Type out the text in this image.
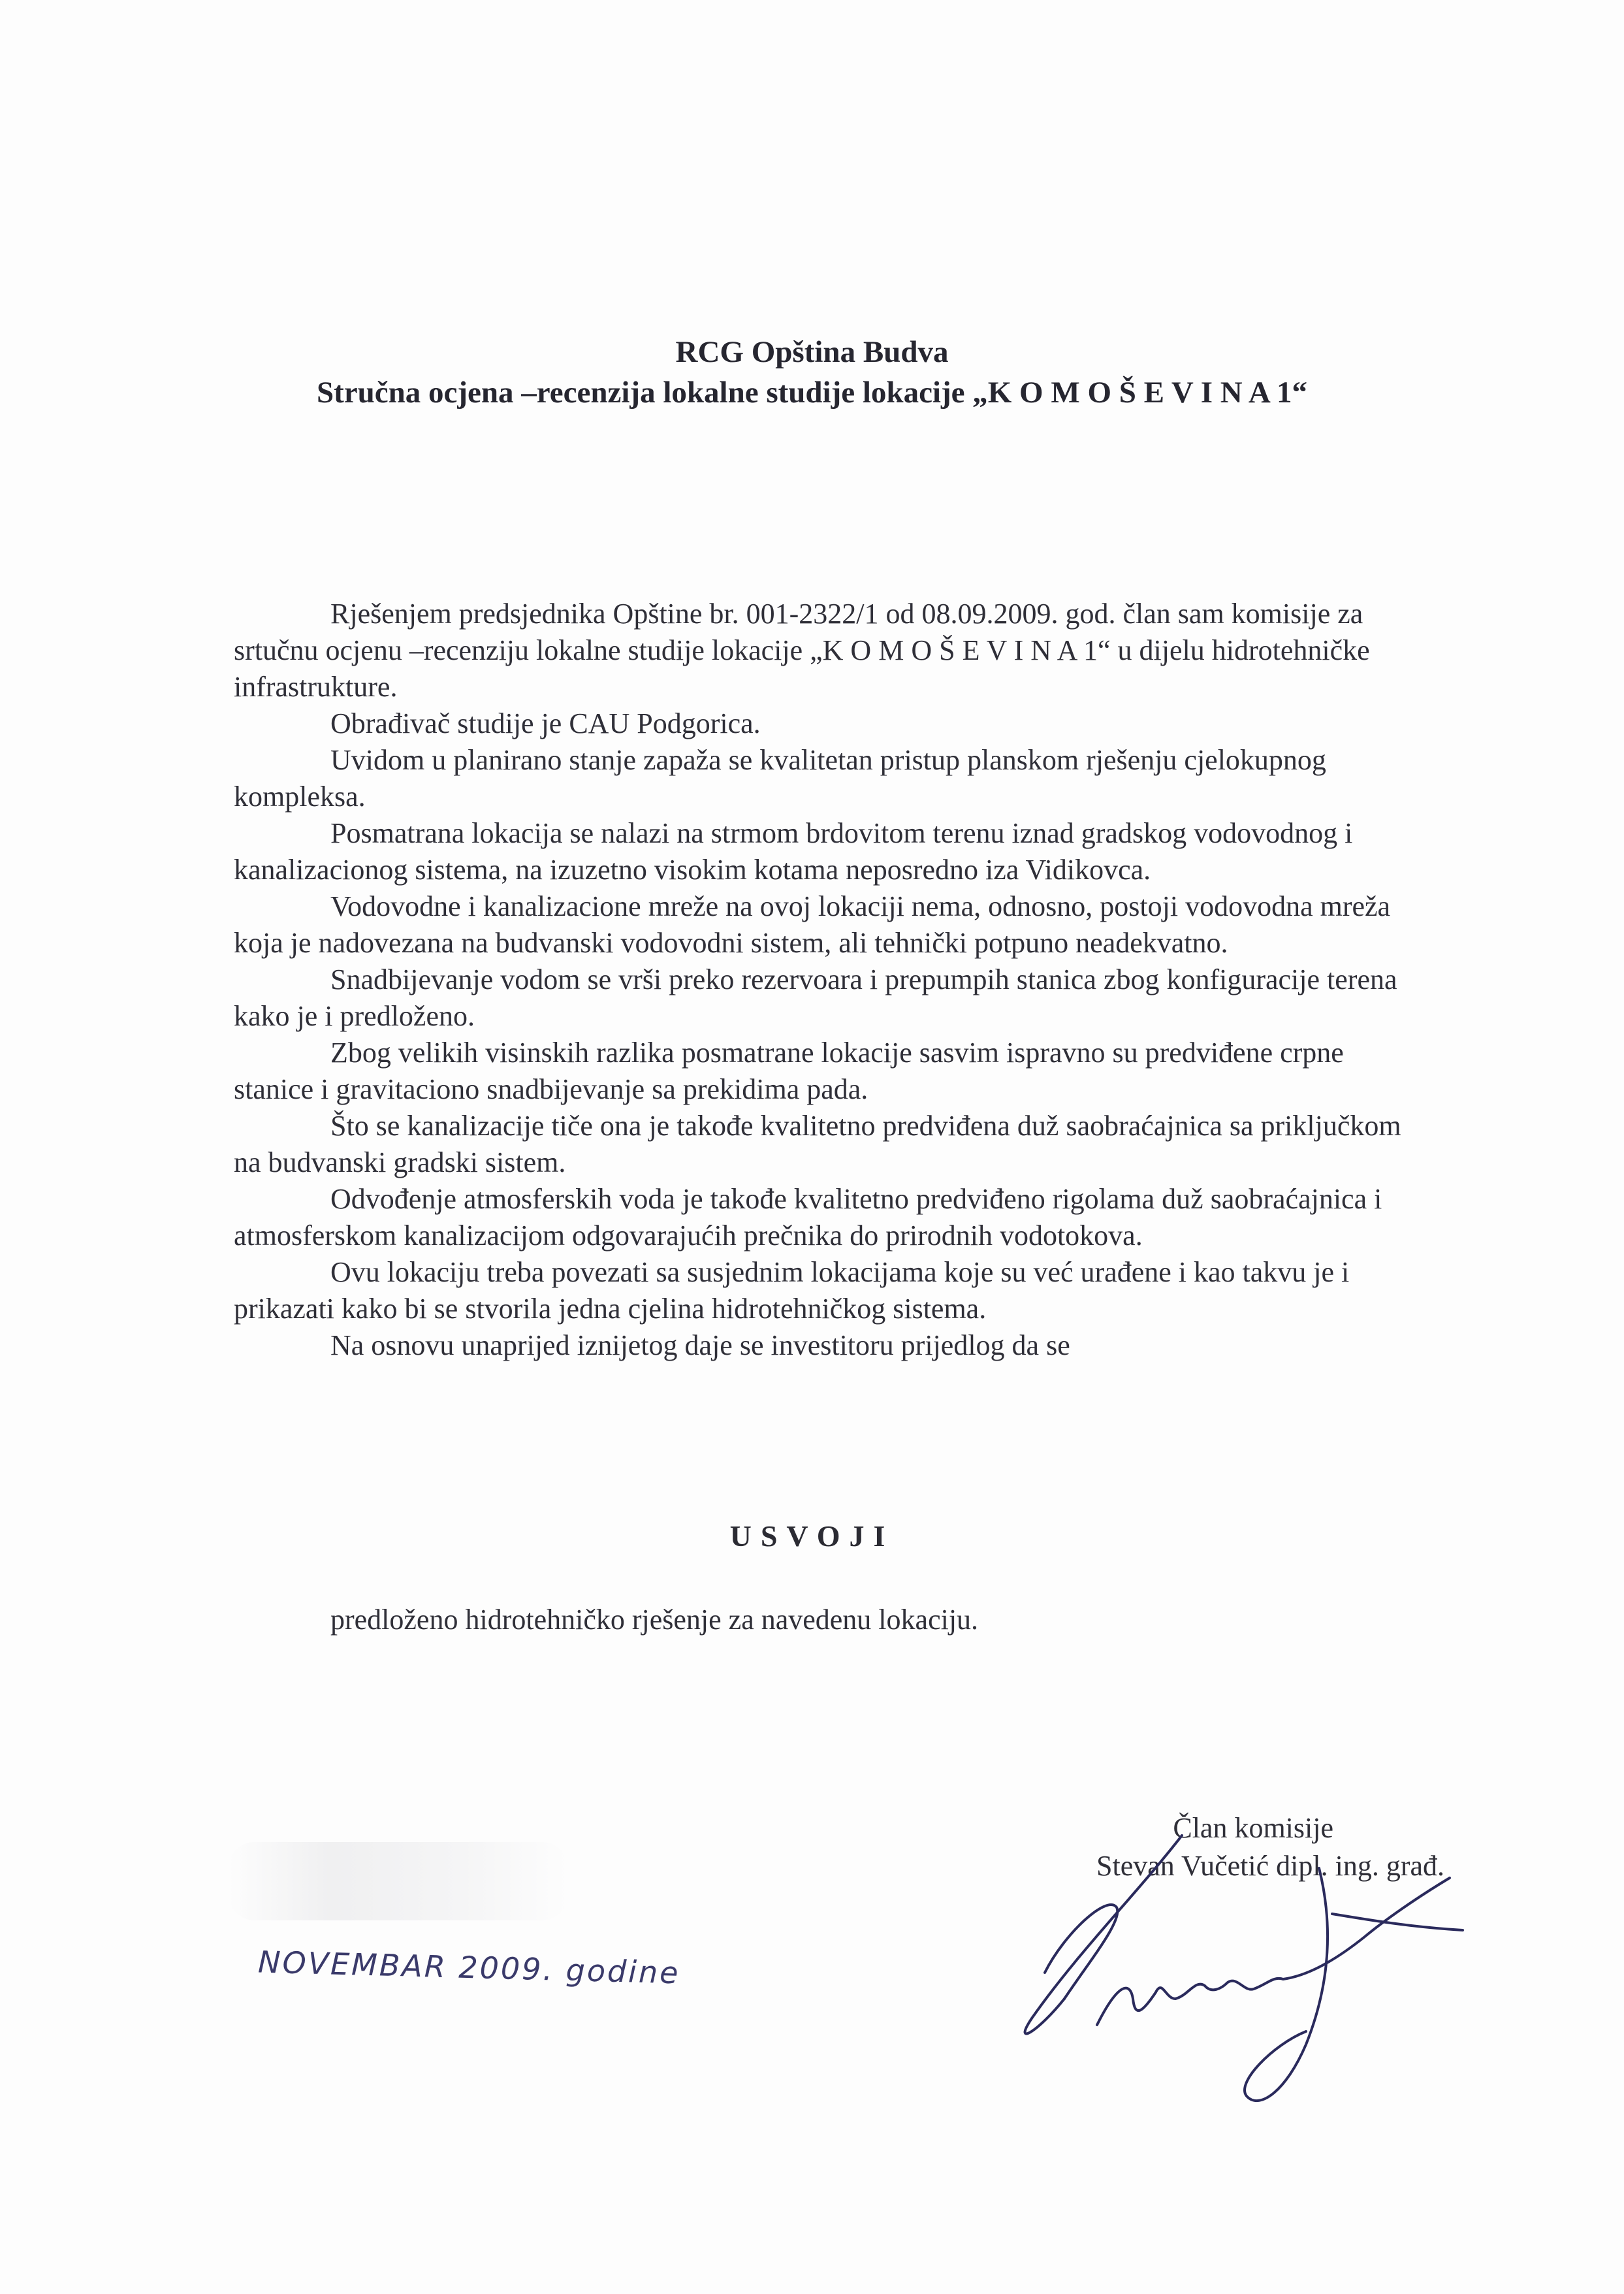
RCG Opština Budva
Stručna ocjena –recenzija lokalne studije lokacije „K O M O Š E V I N A 1“

Rješenjem predsjednika Opštine br. 001-2322/1 od 08.09.2009. god. član sam komisije za srtučnu ocjenu –recenziju lokalne studije lokacije „K O M O Š E V I N A 1“ u dijelu hidrotehničke infrastrukture.

Obrađivač studije je CAU Podgorica.

Uvidom u planirano stanje zapaža se kvalitetan pristup planskom rješenju cjelokupnog kompleksa.

Posmatrana lokacija se nalazi na strmom brdovitom terenu iznad gradskog vodovodnog i kanalizacionog sistema, na izuzetno visokim kotama neposredno iza Vidikovca.

Vodovodne i kanalizacione mreže na ovoj lokaciji nema, odnosno, postoji vodovodna mreža koja je nadovezana na budvanski vodovodni sistem, ali tehnički potpuno neadekvatno.

Snadbijevanje vodom se vrši preko rezervoara i prepumpih stanica zbog konfiguracije terena kako je i predloženo.

Zbog velikih visinskih razlika posmatrane lokacije sasvim ispravno su predviđene crpne stanice i gravitaciono snadbijevanje sa prekidima pada.

Što se kanalizacije tiče ona je takođe kvalitetno predviđena duž saobraćajnica sa priključkom na budvanski gradski sistem.

Odvođenje atmosferskih voda je takođe kvalitetno predviđeno rigolama duž saobraćajnica i atmosferskom kanalizacijom odgovarajućih prečnika do prirodnih vodotokova.

Ovu lokaciju treba povezati sa susjednim lokacijama koje su već urađene i kao takvu je i prikazati kako bi se stvorila jedna cjelina hidrotehničkog sistema.

Na osnovu unaprijed iznijetog daje se investitoru prijedlog da se

USVOJI
predloženo hidrotehničko rješenje za navedenu lokaciju.
Član komisije
Stevan Vučetić dipl. ing. građ.
NOVEMBAR 2009. godine
